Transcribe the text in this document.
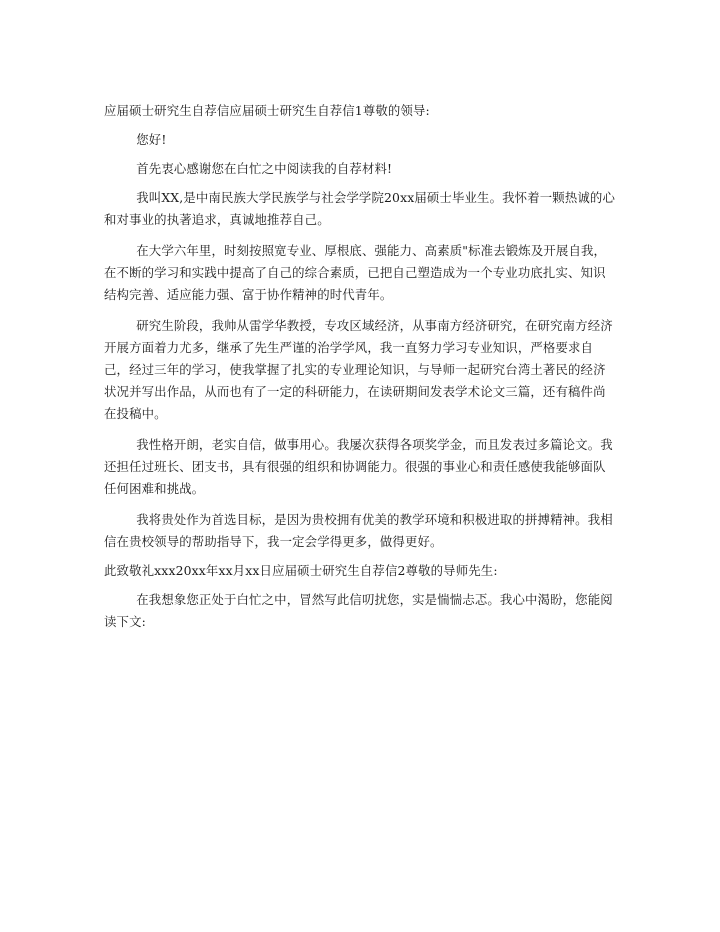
应届硕士研究生自荐信应届硕士研究生自荐信1尊敬的领导:

您好!

首先衷心感谢您在白忙之中阅读我的自荐材料!

我叫XX,是中南民族大学民族学与社会学学院20xx届硕士毕业生。我怀着一颗热诚的心和对事业的执著追求，真诚地推荐自己。

在大学六年里，时刻按照宽专业、厚根底、强能力、高素质"标准去锻炼及开展自我，在不断的学习和实践中提高了自己的综合素质，已把自己塑造成为一个专业功底扎实、知识结构完善、适应能力强、富于协作精神的时代青年。

研究生阶段，我帅从雷学华教授，专攻区域经济，从事南方经济研究，在研究南方经济开展方面着力尤多，继承了先生严谨的治学学风，我一直努力学习专业知识，严格要求自己，经过三年的学习，使我掌握了扎实的专业理论知识，与导师一起研究台湾土著民的经济状况并写出作品，从而也有了一定的科研能力，在读研期间发表学术论文三篇，还有稿件尚在投稿中。

我性格开朗，老实自信，做事用心。我屡次获得各项奖学金，而且发表过多篇论文。我还担任过班长、团支书，具有很强的组织和协调能力。很强的事业心和责任感使我能够面队任何困难和挑战。

我将贵处作为首选目标，是因为贵校拥有优美的教学环境和积极进取的拼搏精神。我相信在贵校领导的帮助指导下，我一定会学得更多，做得更好。

此致敬礼xxx20xx年xx月xx日应届硕士研究生自荐信2尊敬的导师先生:

在我想象您正处于白忙之中，冒然写此信叨扰您，实是惴惴忐忑。我心中渴盼，您能阅读下文:
